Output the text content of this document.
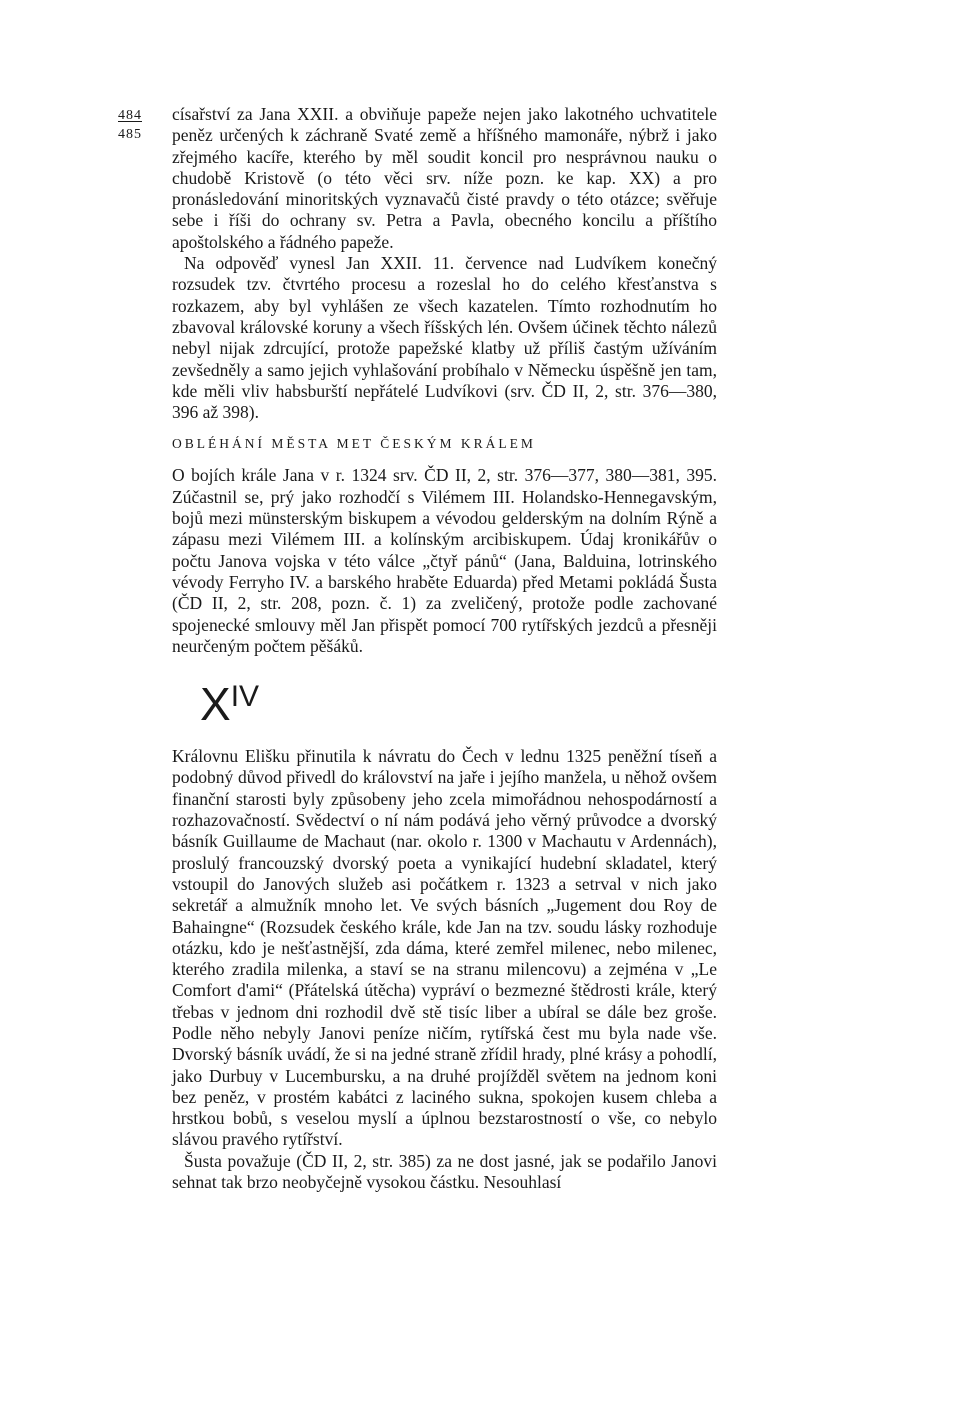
484
485

císařství za Jana XXII. a obviňuje papeže nejen jako lakotného uchvatitele peněz určených k záchraně Svaté země a hříšného mamonáře, nýbrž i jako zřejmého kacíře, kterého by měl soudit koncil pro nesprávnou nauku o chudobě Kristově (o této věci srv. níže pozn. ke kap. XX) a pro pronásledování minoritských vyznavačů čisté pravdy o této otázce; svěřuje sebe i říši do ochrany sv. Petra a Pavla, obecného koncilu a příštího apoštolského a řádného papeže.

Na odpověď vynesl Jan XXII. 11. července nad Ludvíkem konečný rozsudek tzv. čtvrtého procesu a rozeslal ho do celého křesťanstva s rozkazem, aby byl vyhlášen ze všech kazatelen. Tímto rozhodnutím ho zbavoval královské koruny a všech říšských lén. Ovšem účinek těchto nálezů nebyl nijak zdrcující, protože papežské klatby už příliš častým užíváním zevšedněly a samo jejich vyhlašování probíhalo v Německu úspěšně jen tam, kde měli vliv habsburští nepřátelé Ludvíkovi (srv. ČD II, 2, str. 376—380, 396 až 398).

OBLÉHÁNÍ MĚSTA MET ČESKÝM KRÁLEM

O bojích krále Jana v r. 1324 srv. ČD II, 2, str. 376—377, 380—381, 395. Zúčastnil se, prý jako rozhodčí s Vilémem III. Holandsko-Hennegavským, bojů mezi münsterským biskupem a vévodou gelderským na dolním Rýně a zápasu mezi Vilémem III. a kolínským arcibiskupem. Údaj kronikářův o počtu Janova vojska v této válce „čtyř pánů“ (Jana, Balduina, lotrinského vévody Ferryho IV. a barského hraběte Eduarda) před Metami pokládá Šusta (ČD II, 2, str. 208, pozn. č. 1) za zveličený, protože podle zachované spojenecké smlouvy měl Jan přispět pomocí 700 rytířských jezdců a přesněji neurčeným počtem pěšáků.

XIV

Královnu Elišku přinutila k návratu do Čech v lednu 1325 peněžní tíseň a podobný důvod přivedl do království na jaře i jejího manžela, u něhož ovšem finanční starosti byly způsobeny jeho zcela mimořádnou nehospodárností a rozhazovačností. Svědectví o ní nám podává jeho věrný průvodce a dvorský básník Guillaume de Machaut (nar. okolo r. 1300 v Machautu v Ardennách), proslulý francouzský dvorský poeta a vynikající hudební skladatel, který vstoupil do Janových služeb asi počátkem r. 1323 a setrval v nich jako sekretář a almužník mnoho let. Ve svých básních „Jugement dou Roy de Bahaingne“ (Rozsudek českého krále, kde Jan na tzv. soudu lásky rozhoduje otázku, kdo je nešťastnější, zda dáma, které zemřel milenec, nebo milenec, kterého zradila milenka, a staví se na stranu milencovu) a zejména v „Le Comfort d'ami“ (Přátelská útěcha) vypráví o bezmezné štědrosti krále, který třebas v jednom dni rozhodil dvě stě tisíc liber a ubíral se dále bez groše. Podle něho nebyly Janovi peníze ničím, rytířská čest mu byla nade vše. Dvorský básník uvádí, že si na jedné straně zřídil hrady, plné krásy a pohodlí, jako Durbuy v Lucembursku, a na druhé projížděl světem na jednom koni bez peněz, v prostém kabátci z laciného sukna, spokojen kusem chleba a hrstkou bobů, s veselou myslí a úplnou bezstarostností o vše, co nebylo slávou pravého rytířství.

Šusta považuje (ČD II, 2, str. 385) za ne dost jasné, jak se podařilo Janovi sehnat tak brzo neobyčejně vysokou částku. Nesouhlasí
